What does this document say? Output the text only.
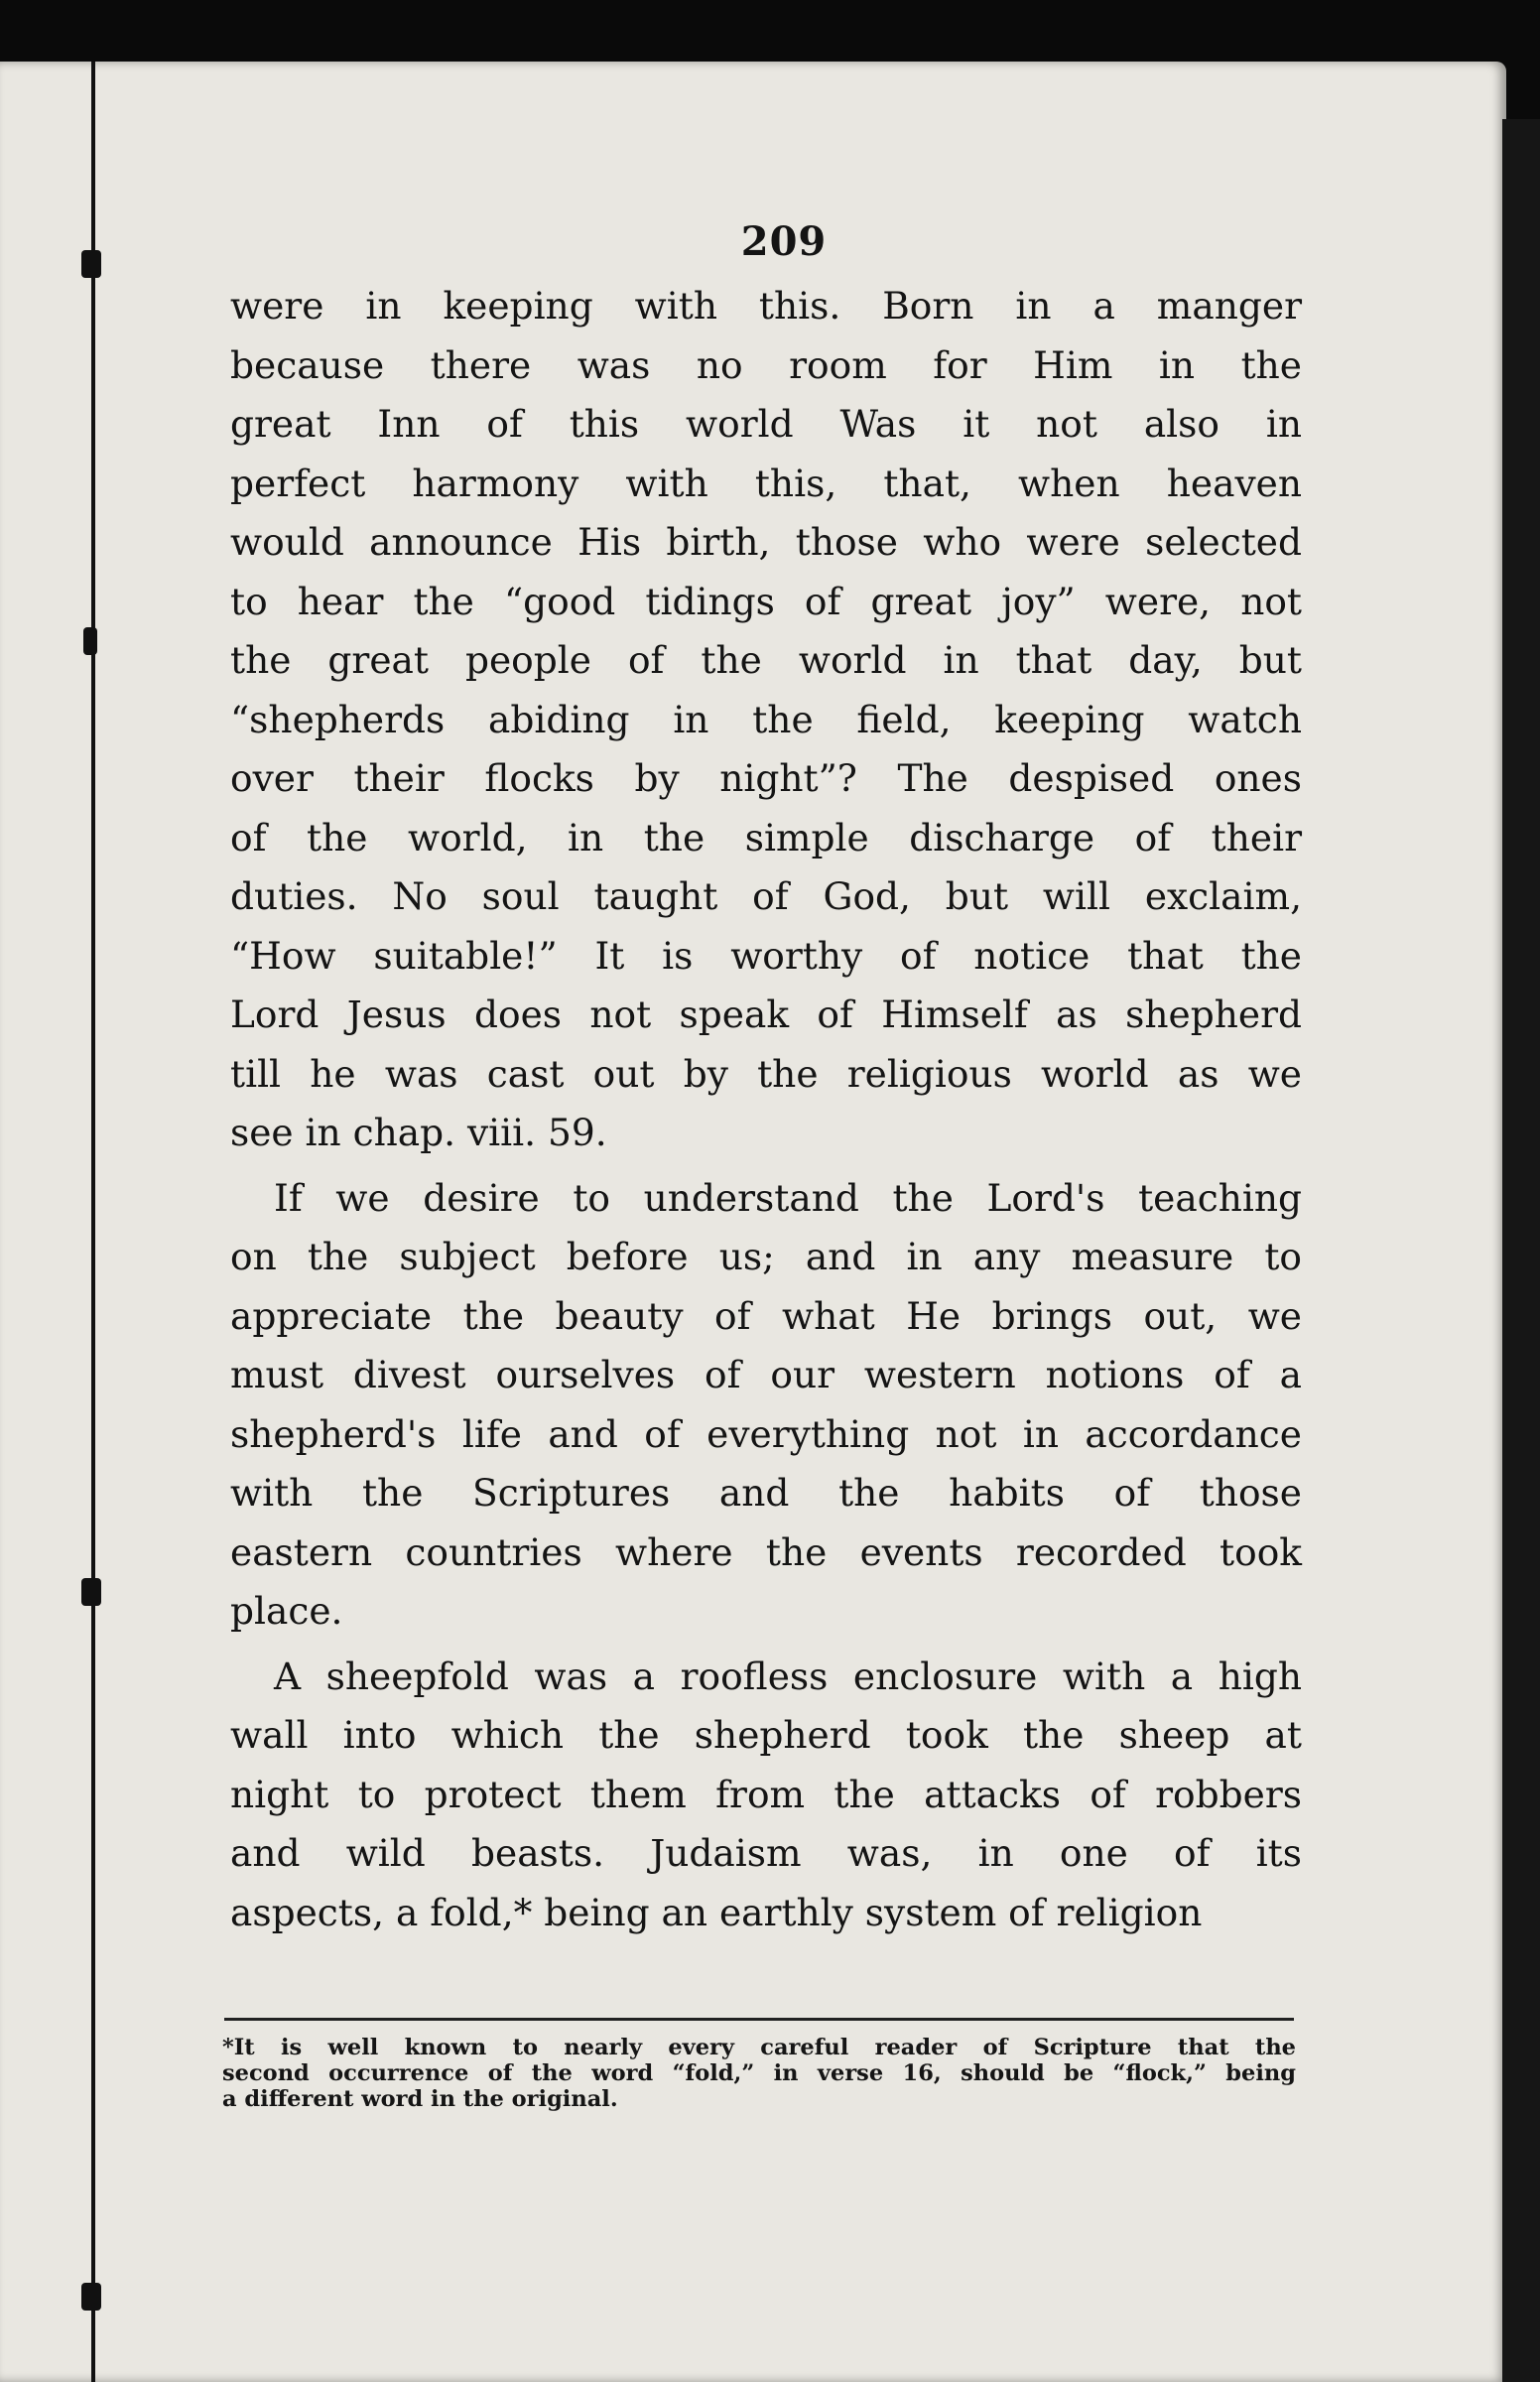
209

were in keeping with this. Born in a manger
because there was no room for Him in the
great Inn of this world Was it not also in
perfect harmony with this, that, when heaven
would announce His birth, those who were selected
to hear the “good tidings of great joy” were, not
the great people of the world in that day, but
“shepherds abiding in the field, keeping watch
over their flocks by night”? The despised ones
of the world, in the simple discharge of their
duties. No soul taught of God, but will exclaim,
“How suitable!” It is worthy of notice that the
Lord Jesus does not speak of Himself as shepherd
till he was cast out by the religious world as we
see in chap. viii. 59.

If we desire to understand the Lord's teaching
on the subject before us; and in any measure to
appreciate the beauty of what He brings out, we
must divest ourselves of our western notions of a
shepherd's life and of everything not in accordance
with the Scriptures and the habits of those
eastern countries where the events recorded took
place.

A sheepfold was a roofless enclosure with a high
wall into which the shepherd took the sheep at
night to protect them from the attacks of robbers
and wild beasts. Judaism was, in one of its
aspects, a fold,* being an earthly system of religion

*It is well known to nearly every careful reader of Scripture that the
second occurrence of the word “fold,” in verse 16, should be “flock,” being
a different word in the original.
